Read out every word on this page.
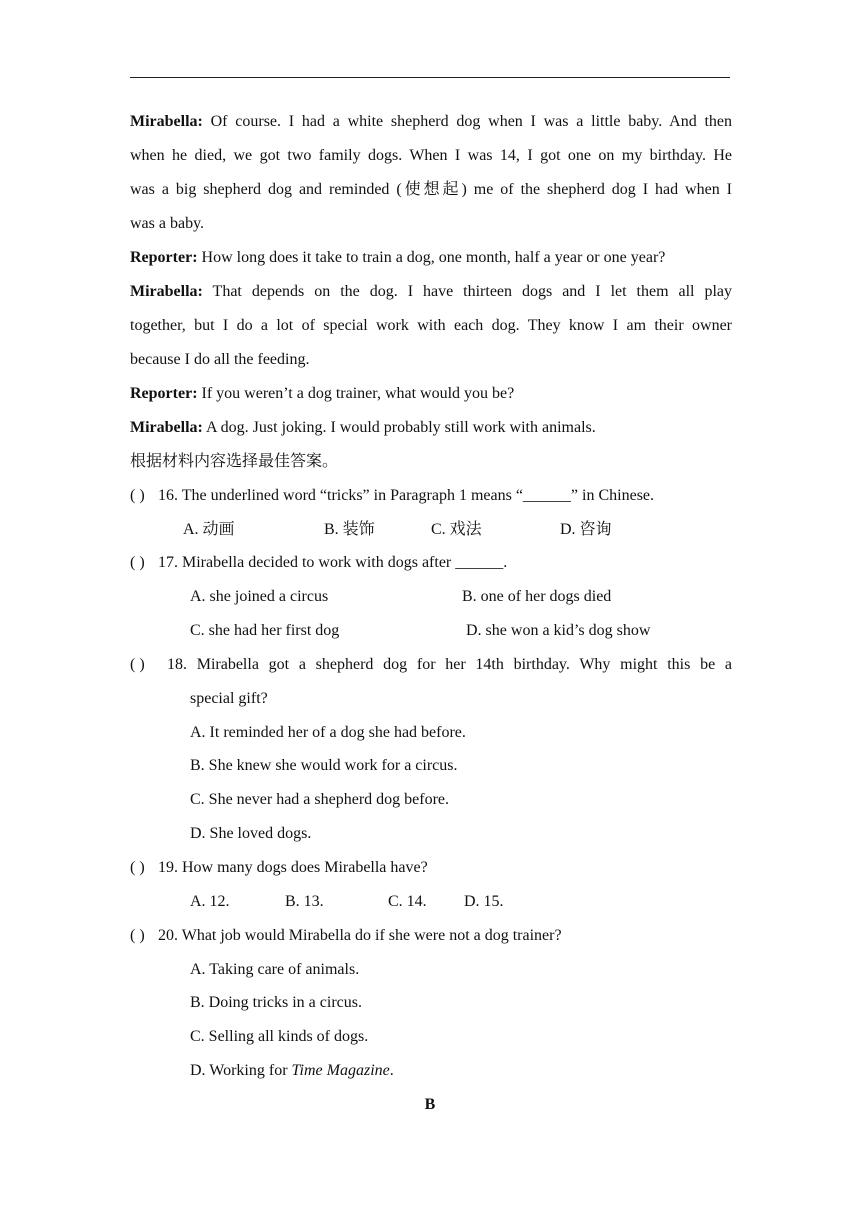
Mirabella: Of course. I had a white shepherd dog when I was a little baby. And then
when he died, we got two family dogs. When I was 14, I got one on my birthday. He
was a big shepherd dog and reminded (使想起) me of the shepherd dog I had when I
was a baby.
Reporter: How long does it take to train a dog, one month, half a year or one year?
Mirabella: That depends on the dog. I have thirteen dogs and I let them all play
together, but I do a lot of special work with each dog. They know I am their owner
because I do all the feeding.
Reporter: If you weren’t a dog trainer, what would you be?
Mirabella: A dog. Just joking. I would probably still work with animals.
根据材料内容选择最佳答案。
( ) 16. The underlined word “tricks” in Paragraph 1 means “______” in Chinese.
A. 动画	B. 装饰	C. 戏法	D. 咨询
( ) 17. Mirabella decided to work with dogs after ______.
A. she joined a circus	B. one of her dogs died
C. she had her first dog	D. she won a kid’s dog show
( ) 18. Mirabella got a shepherd dog for her 14th birthday. Why might this be a
special gift?
A. It reminded her of a dog she had before.
B. She knew she would work for a circus.
C. She never had a shepherd dog before.
D. She loved dogs.
( ) 19. How many dogs does Mirabella have?
A. 12.	B. 13.	C. 14. D. 15.
( ) 20. What job would Mirabella do if she were not a dog trainer?
A. Taking care of animals.
B. Doing tricks in a circus.
C. Selling all kinds of dogs.
D. Working for Time Magazine.
B
